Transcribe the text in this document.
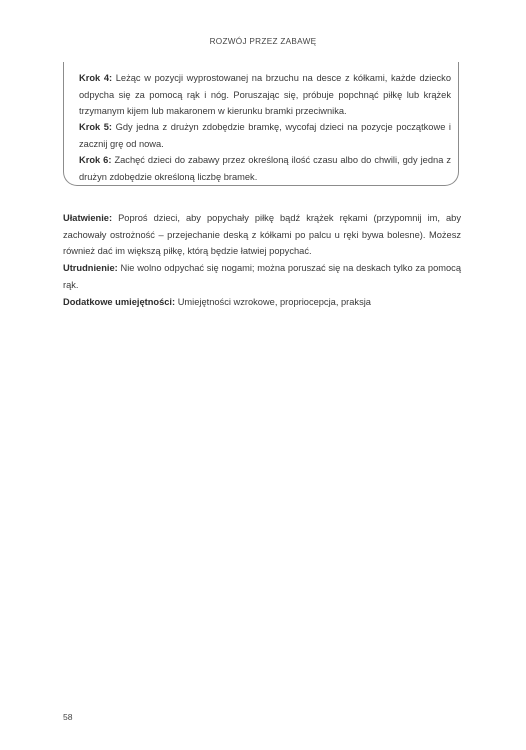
ROZWÓJ PRZEZ ZABAWĘ

Krok 4: Leżąc w pozycji wyprostowanej na brzuchu na desce z kółkami, każde dziecko odpycha się za pomocą rąk i nóg. Poruszając się, próbuje popchnąć piłkę lub krążek trzymanym kijem lub makaronem w kierunku bramki przeciwnika.

Krok 5: Gdy jedna z drużyn zdobędzie bramkę, wycofaj dzieci na pozycje początkowe i zacznij grę od nowa.

Krok 6: Zachęć dzieci do zabawy przez określoną ilość czasu albo do chwili, gdy jedna z drużyn zdobędzie określoną liczbę bramek.

Ułatwienie: Poproś dzieci, aby popychały piłkę bądź krążek rękami (przypomnij im, aby zachowały ostrożność – przejechanie deską z kółkami po palcu u ręki bywa bolesne). Możesz również dać im większą piłkę, którą będzie łatwiej popychać.

Utrudnienie: Nie wolno odpychać się nogami; można poruszać się na deskach tylko za pomocą rąk.

Dodatkowe umiejętności: Umiejętności wzrokowe, propriocepcja, praksja

58
